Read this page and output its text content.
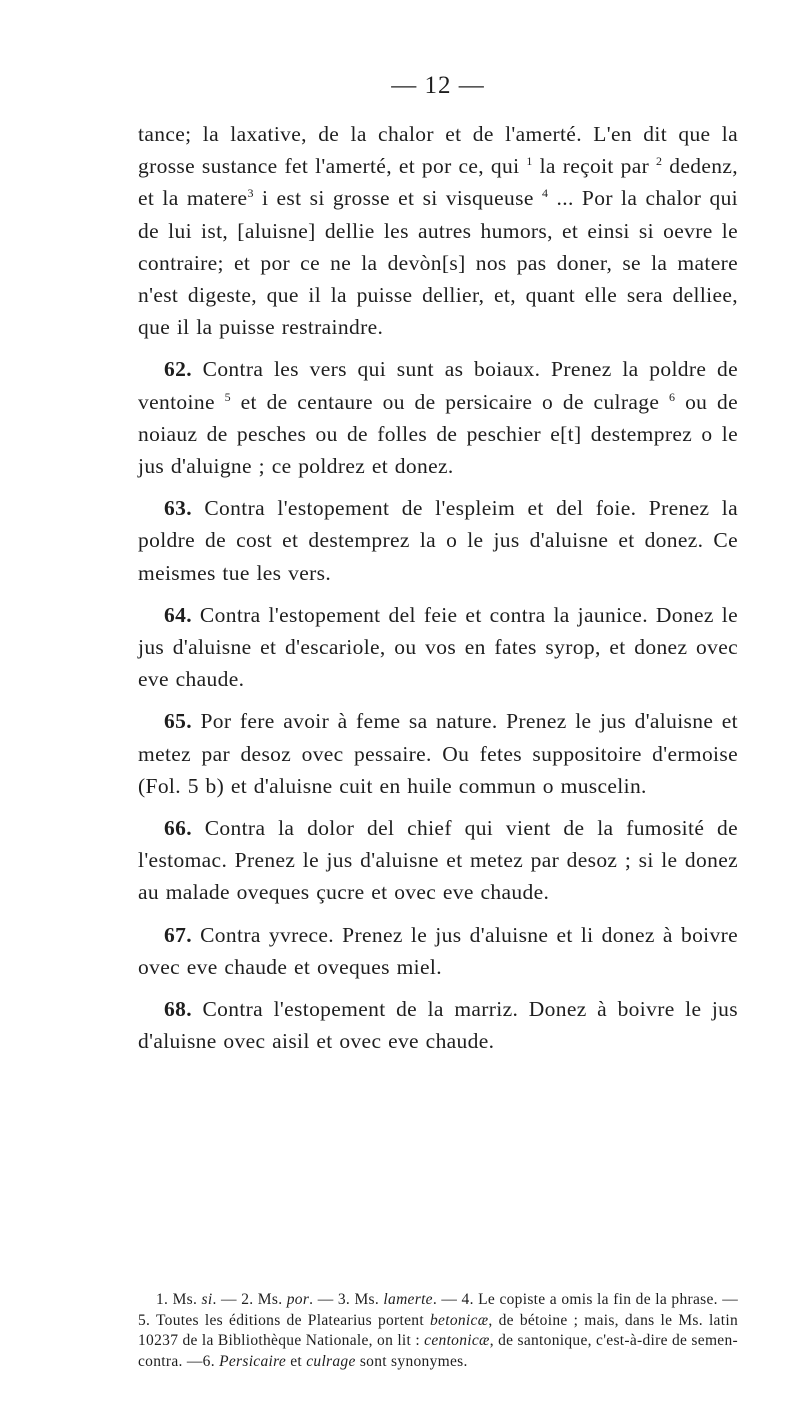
— 12 —

tance; la laxative, de la chalor et de l'amerté. L'en dit que la grosse sustance fet l'amerté, et por ce, qui $^1$ la reçoit par $^2$ dedenz, et la matere$^3$ i est si grosse et si visqueuse $^4$ ... Por la chalor qui de lui ist, [aluisne] dellie les autres humors, et einsi si oevre le contraire; et por ce ne la devòn[s] nos pas doner, se la matere n'est digeste, que il la puisse dellier, et, quant elle sera delliee, que il la puisse restraindre.

62. Contra les vers qui sunt as boiaux. Prenez la poldre de ventoine $^5$ et de centaure ou de persicaire o de culrage $^6$ ou de noiauz de pesches ou de folles de peschier e[t] destemprez o le jus d'aluigne ; ce poldrez et donez.

63. Contra l'estopement de l'espleim et del foie. Prenez la poldre de cost et destemprez la o le jus d'aluisne et donez. Ce meismes tue les vers.

64. Contra l'estopement del feie et contra la jaunice. Donez le jus d'aluisne et d'escariole, ou vos en fates syrop, et donez ovec eve chaude.

65. Por fere avoir à feme sa nature. Prenez le jus d'aluisne et metez par desoz ovec pessaire. Ou fetes suppositoire d'ermoise (Fol. 5 b) et d'aluisne cuit en huile commun o muscelin.

66. Contra la dolor del chief qui vient de la fumosité de l'estomac. Prenez le jus d'aluisne et metez par desoz ; si le donez au malade oveques çucre et ovec eve chaude.

67. Contra yvrece. Prenez le jus d'aluisne et li donez à boivre ovec eve chaude et oveques miel.

68. Contra l'estopement de la marriz. Donez à boivre le jus d'aluisne ovec aisil et ovec eve chaude.

1. Ms. si. — 2. Ms. por. — 3. Ms. lamerte. — 4. Le copiste a omis la fin de la phrase. — 5. Toutes les éditions de Platearius portent betonicæ, de bétoine ; mais, dans le Ms. latin 10237 de la Bibliothèque Nationale, on lit : centonicæ, de santonique, c'est-à-dire de semen-contra. —6. Persicaire et culrage sont synonymes.
